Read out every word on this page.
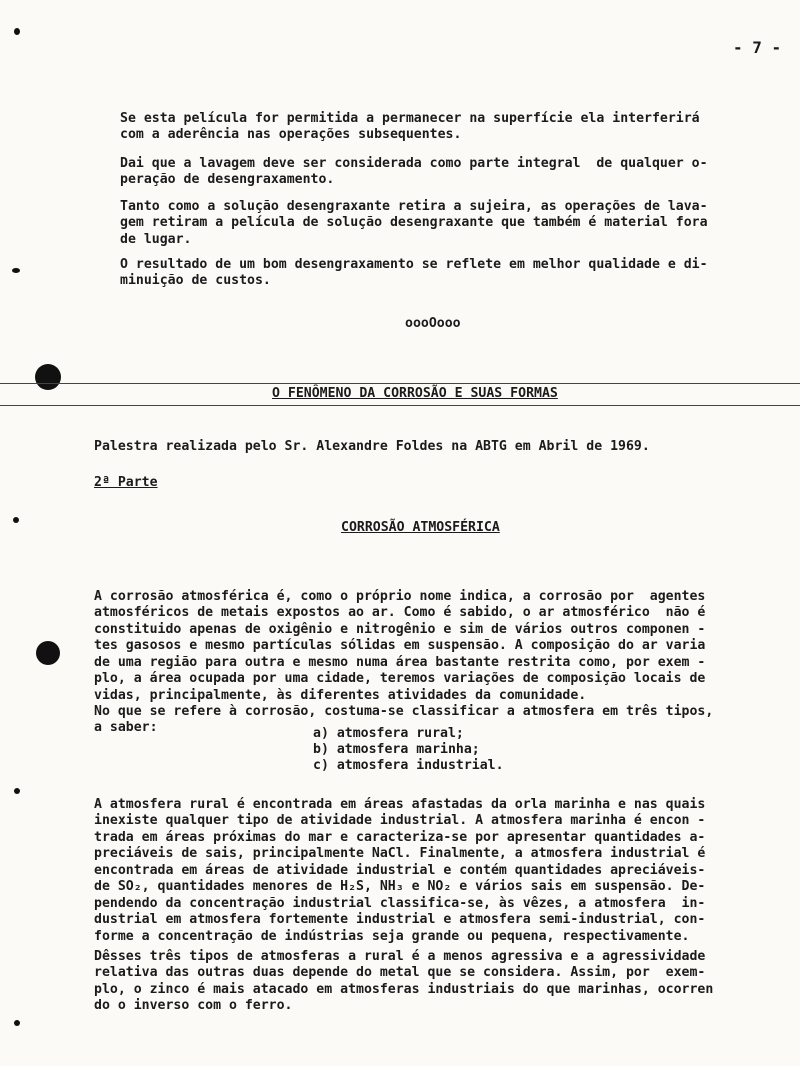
- 7 -

Se esta película for permitida a permanecer na superfície ela interferirá
com a aderência nas operações subsequentes.

Dai que a lavagem deve ser considerada como parte integral  de qualquer o-
peração de desengraxamento.

Tanto como a solução desengraxante retira a sujeira, as operações de lava-
gem retiram a película de solução desengraxante que também é material fora
de lugar.

O resultado de um bom desengraxamento se reflete em melhor qualidade e di-
minuição de custos.
oooOooo
O FENÔMENO DA CORROSÃO E SUAS FORMAS
Palestra realizada pelo Sr. Alexandre Foldes na ABTG em Abril de 1969.
2ª Parte
CORROSÃO ATMOSFÉRICA

A corrosão atmosférica é, como o próprio nome indica, a corrosão por  agentes
atmosféricos de metais expostos ao ar. Como é sabido, o ar atmosférico  não é
constituido apenas de oxigênio e nitrogênio e sim de vários outros componen -
tes gasosos e mesmo partículas sólidas em suspensão. A composição do ar varia
de uma região para outra e mesmo numa área bastante restrita como, por exem -
plo, a área ocupada por uma cidade, teremos variações de composição locais de
vidas, principalmente, às diferentes atividades da comunidade.

No que se refere à corrosão, costuma-se classificar a atmosfera em três tipos,
a saber:	a) atmosfera rural;
b) atmosfera marinha;
c) atmosfera industrial.

A atmosfera rural é encontrada em áreas afastadas da orla marinha e nas quais
inexiste qualquer tipo de atividade industrial. A atmosfera marinha é encon -
trada em áreas próximas do mar e caracteriza-se por apresentar quantidades a-
preciáveis de sais, principalmente NaCl. Finalmente, a atmosfera industrial é
encontrada em áreas de atividade industrial e contém quantidades apreciáveis-
de SO₂, quantidades menores de H₂S, NH₃ e NO₂ e vários sais em suspensão. De-
pendendo da concentração industrial classifica-se, às vêzes, a atmosfera  in-
dustrial em atmosfera fortemente industrial e atmosfera semi-industrial, con-
forme a concentração de indústrias seja grande ou pequena, respectivamente.

Dêsses três tipos de atmosferas a rural é a menos agressiva e a agressividade
relativa das outras duas depende do metal que se considera. Assim, por  exem-
plo, o zinco é mais atacado em atmosferas industriais do que marinhas, ocorren
do o inverso com o ferro.
